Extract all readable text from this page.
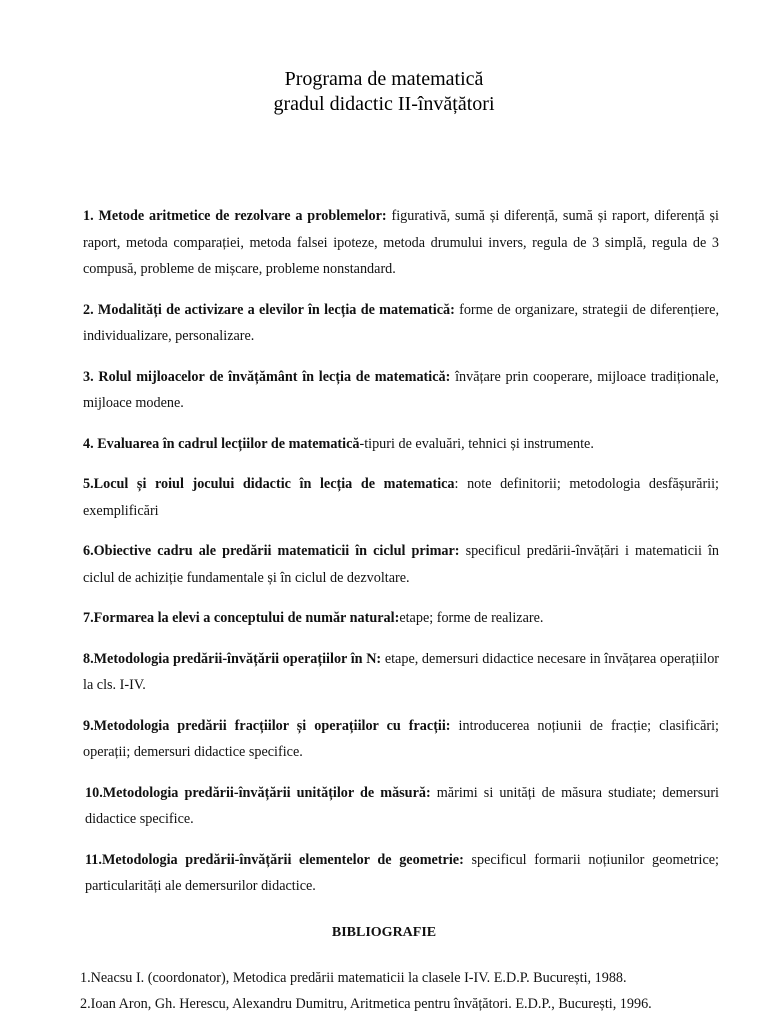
Programa de matematică
gradul didactic II-învățători

1. Metode aritmetice de rezolvare a problemelor: figurativă, sumă și diferență, sumă și raport, diferență și raport, metoda comparației, metoda falsei ipoteze, metoda drumului invers, regula de 3 simplă, regula de 3 compusă, probleme de mișcare, probleme nonstandard.

2. Modalități de activizare a elevilor în lecția de matematică: forme de organizare, strategii de diferențiere, individualizare, personalizare.

3. Rolul mijloacelor de învățământ în lecția de matematică: învățare prin cooperare, mijloace tradiționale, mijloace modene.

4. Evaluarea în cadrul lecțiilor de matematică-tipuri de evaluări, tehnici și instrumente.

5.Locul și roiul jocului didactic în lecția de matematica: note definitorii; metodologia desfășurării; exemplificări

6.Obiective cadru ale predării matematicii în ciclul primar: specificul predării-învățări i matematicii în ciclul de achiziție fundamentale și în ciclul de dezvoltare.

7.Formarea la elevi a conceptului de număr natural:etape; forme de realizare.

8.Metodologia predării-învățării operațiilor în N: etape, demersuri didactice necesare in învățarea operațiilor la cls. I-IV.

9.Metodologia predării fracțiilor și operațiilor cu fracții: introducerea noțiunii de fracție; clasificări; operații; demersuri didactice specifice.

10.Metodologia predării-învățării unităților de măsură: mărimi si unități de măsura studiate; demersuri didactice specifice.

11.Metodologia predării-învățării elementelor de geometrie: specificul formarii noțiunilor geometrice; particularități ale demersurilor didactice.

BIBLIOGRAFIE
1.Neacsu I. (coordonator), Metodica predării matematicii la clasele I-IV. E.D.P. București, 1988.
2.Ioan Aron, Gh. Herescu, Alexandru Dumitru, Aritmetica pentru învățători. E.D.P., București, 1996.
